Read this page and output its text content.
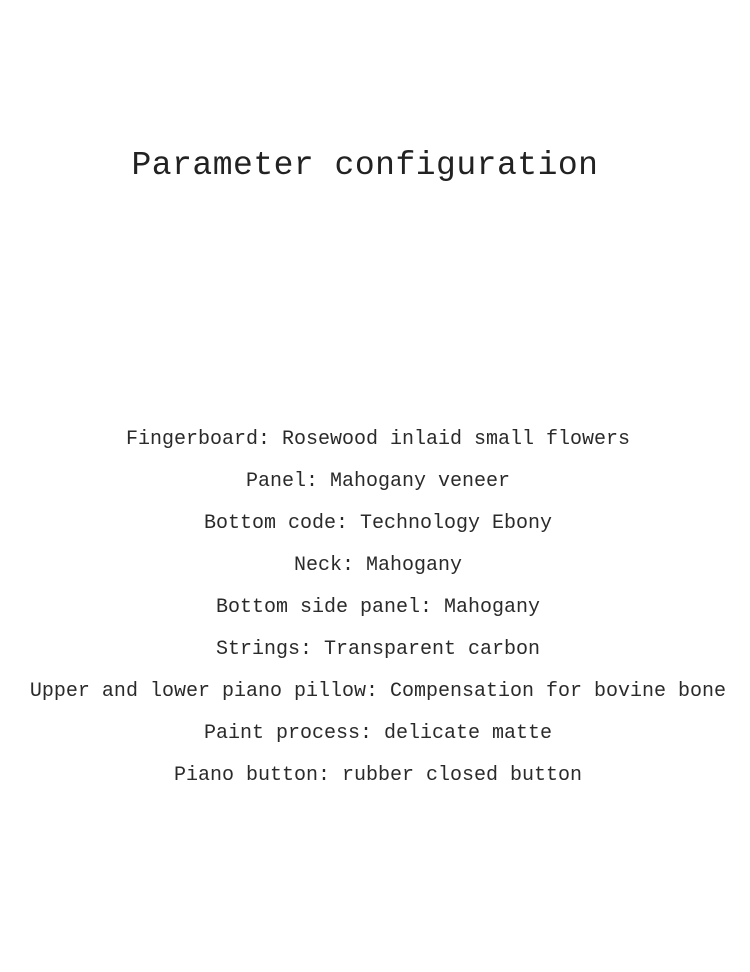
Parameter configuration
Fingerboard: Rosewood inlaid small flowers
Panel: Mahogany veneer
Bottom code: Technology Ebony
Neck: Mahogany
Bottom side panel: Mahogany
Strings: Transparent carbon
Upper and lower piano pillow: Compensation for bovine bone
Paint process: delicate matte
Piano button: rubber closed button
